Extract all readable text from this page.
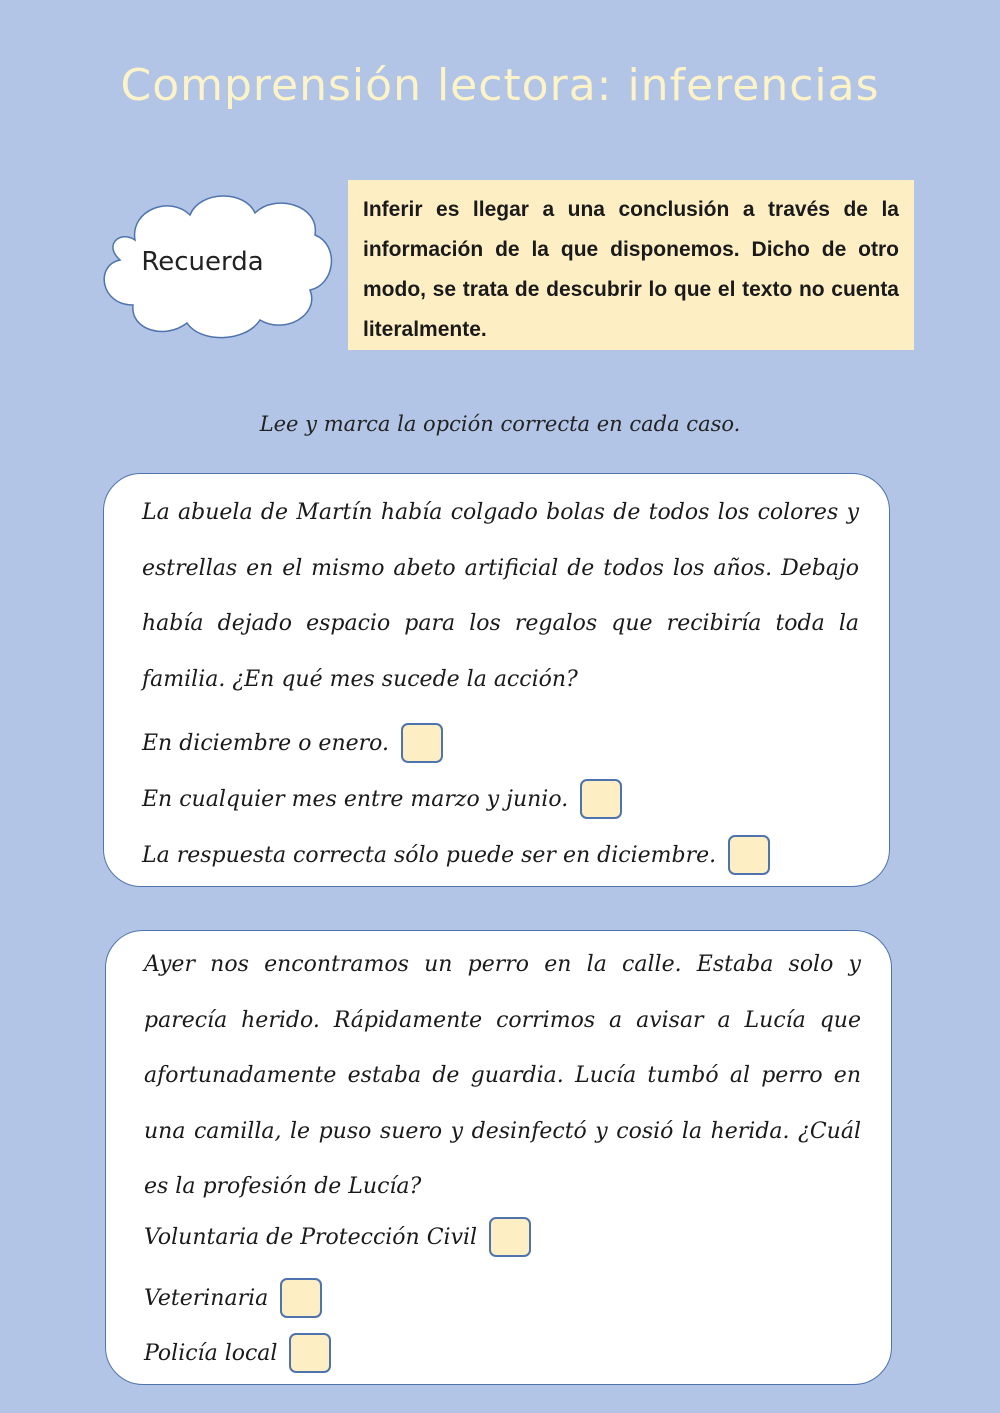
Comprensión lectora: inferencias
Recuerda
Inferir es llegar a una conclusión a través de la información de la que disponemos. Dicho de otro modo, se trata de descubrir lo que el texto no cuenta literalmente.
Lee y marca la opción correcta en cada caso.
La abuela de Martín había colgado bolas de todos los colores y estrellas en el mismo abeto artificial de todos los años. Debajo había dejado espacio para los regalos que recibiría toda la familia. ¿En qué mes sucede la acción?
En diciembre o enero.
En cualquier mes entre marzo y junio.
La respuesta correcta sólo puede ser en diciembre.
Ayer nos encontramos un perro en la calle. Estaba solo y parecía herido. Rápidamente corrimos a avisar a Lucía que afortunadamente estaba de guardia. Lucía tumbó al perro en una camilla, le puso suero y desinfectó y cosió la herida. ¿Cuál es la profesión de Lucía?
Voluntaria de Protección Civil
Veterinaria
Policía local
